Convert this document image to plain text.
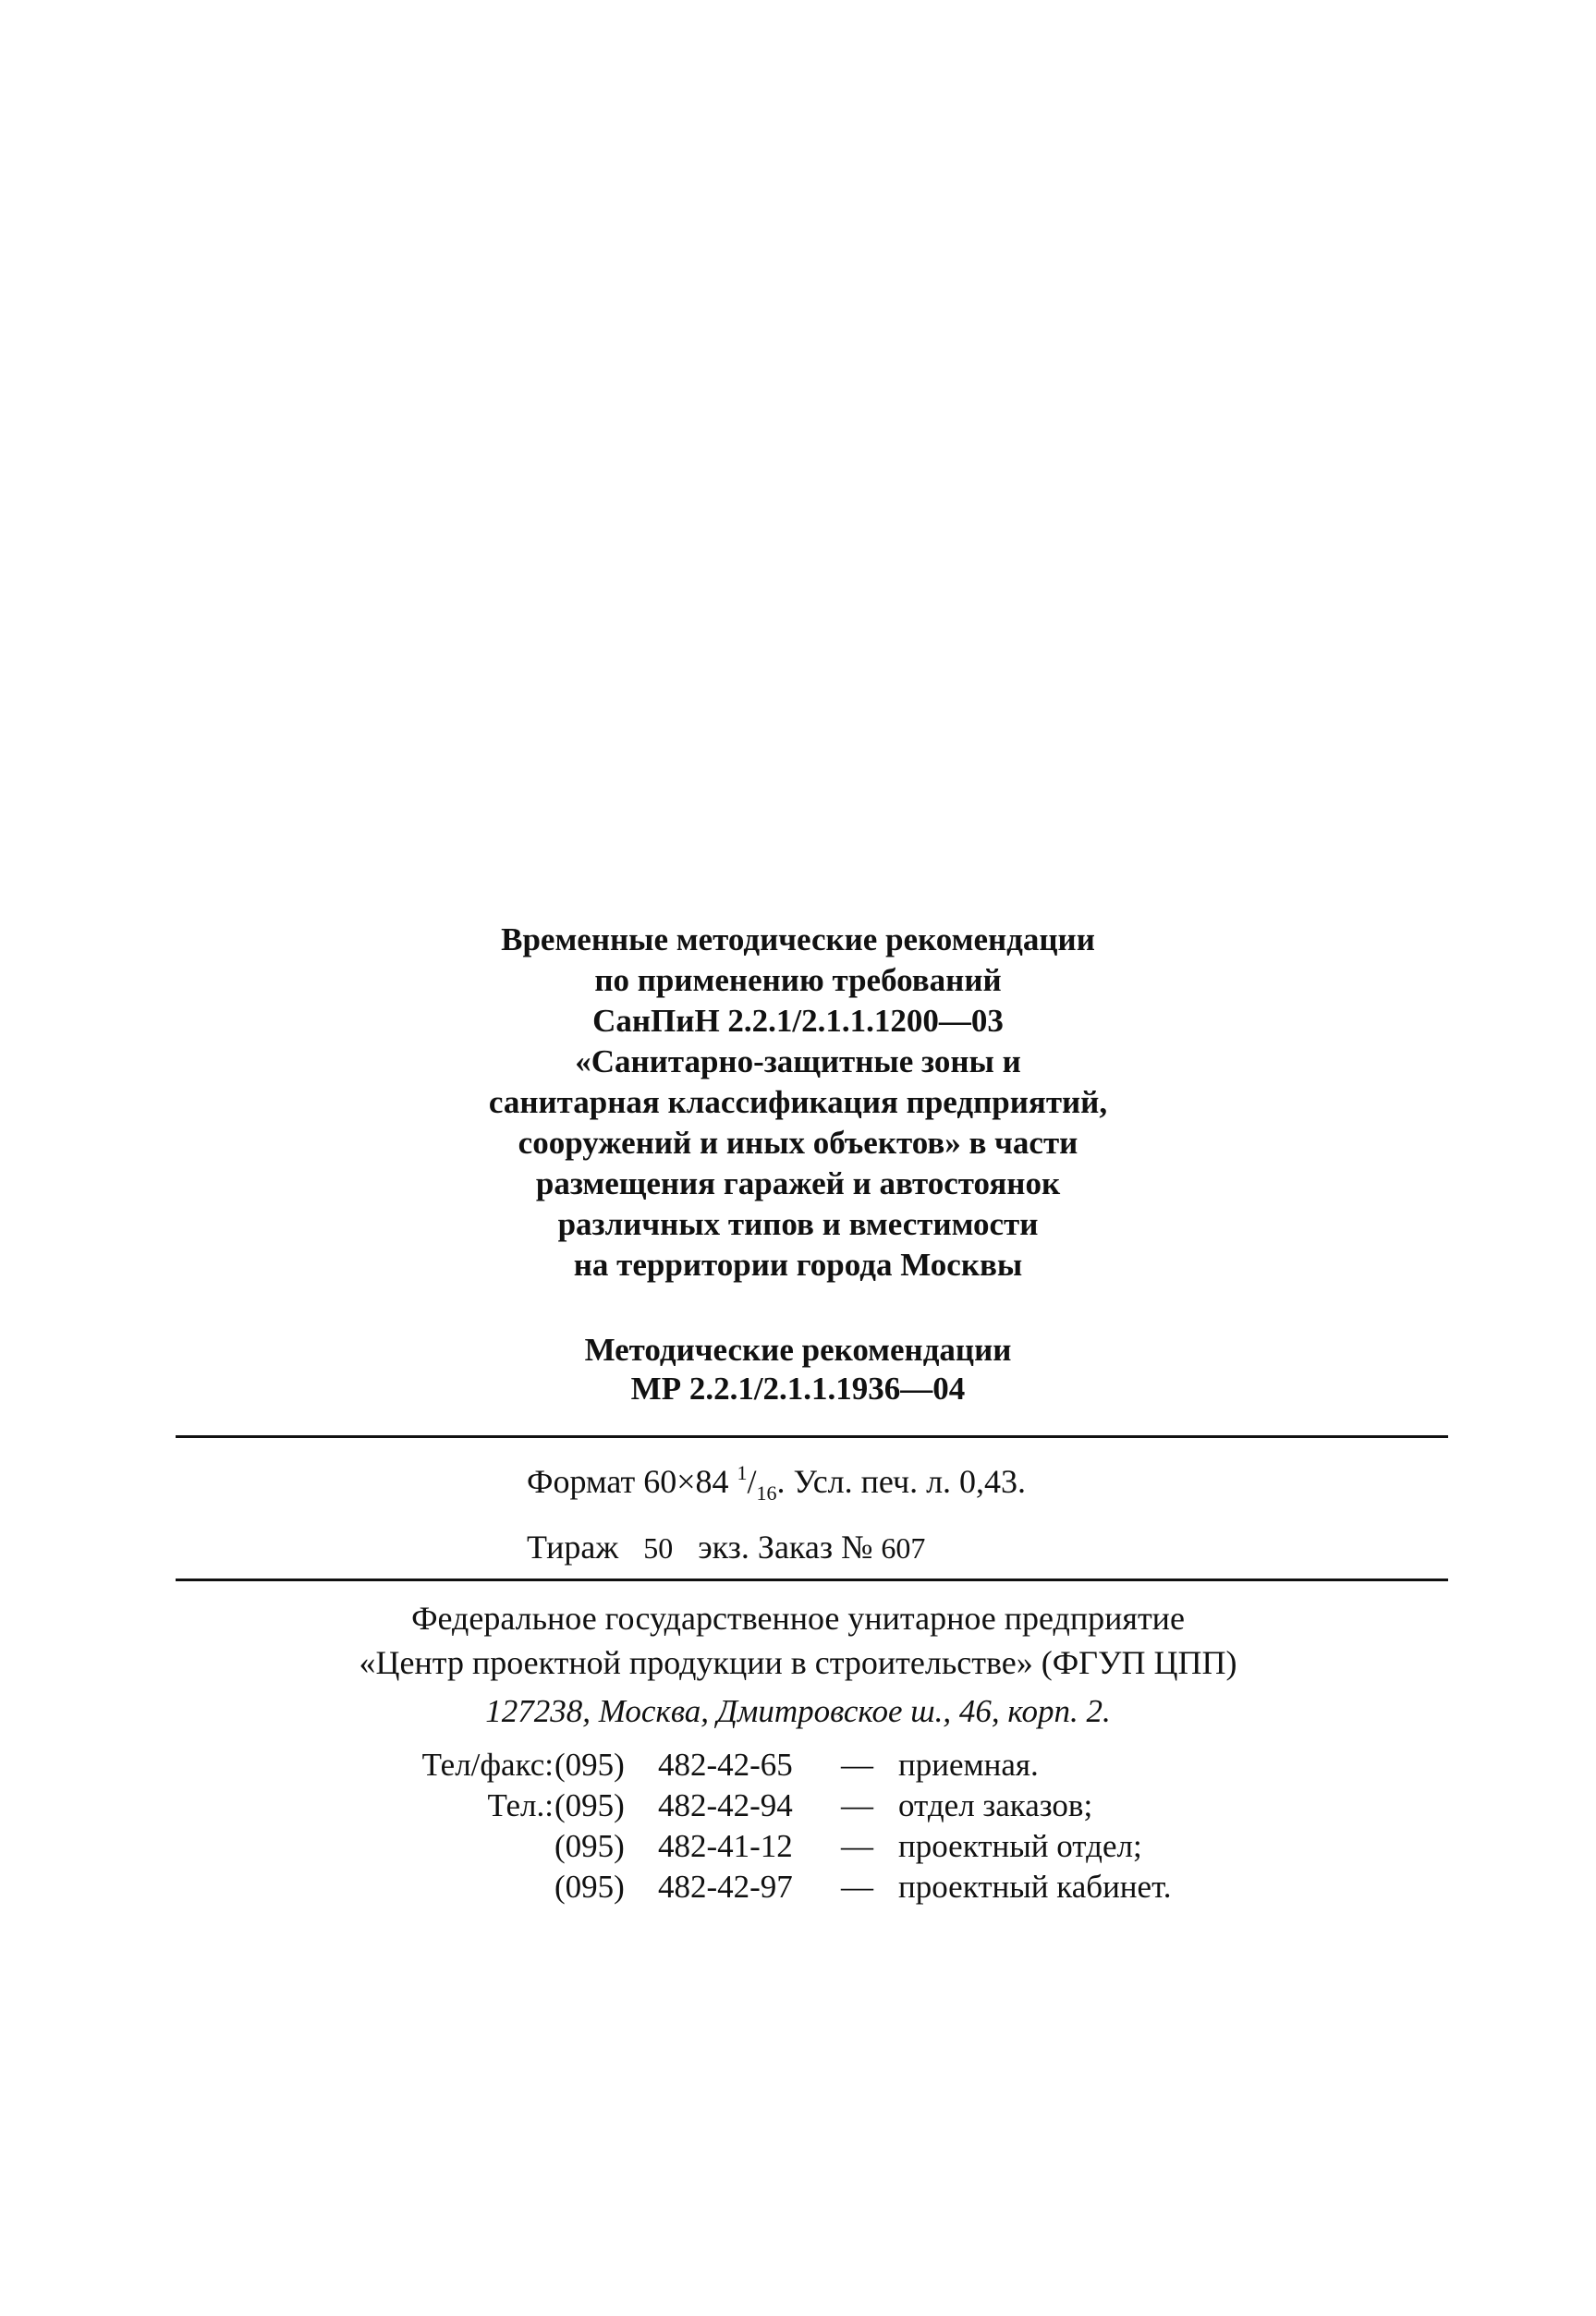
Временные методические рекомендации
по применению требований
СанПиН 2.2.1/2.1.1.1200—03
«Санитарно-защитные зоны и
санитарная классификация предприятий,
сооружений и иных объектов» в части
размещения гаражей и автостоянок
различных типов и вместимости
на территории города Москвы
Методические рекомендации
МР 2.2.1/2.1.1.1936—04
Формат 60×84 $^1/_{16}$. Усл. печ. л. 0,43.
Тираж 50 экз. Заказ № 607
Федеральное государственное унитарное предприятие
«Центр проектной продукции в строительстве» (ФГУП ЦПП)
127238, Москва, Дмитровское ш., 46, корп. 2.
Тел/факс: (095) 482-42-65 — приемная.
Тел.: (095) 482-42-94 — отдел заказов;
(095) 482-41-12 — проектный отдел;
(095) 482-42-97 — проектный кабинет.
